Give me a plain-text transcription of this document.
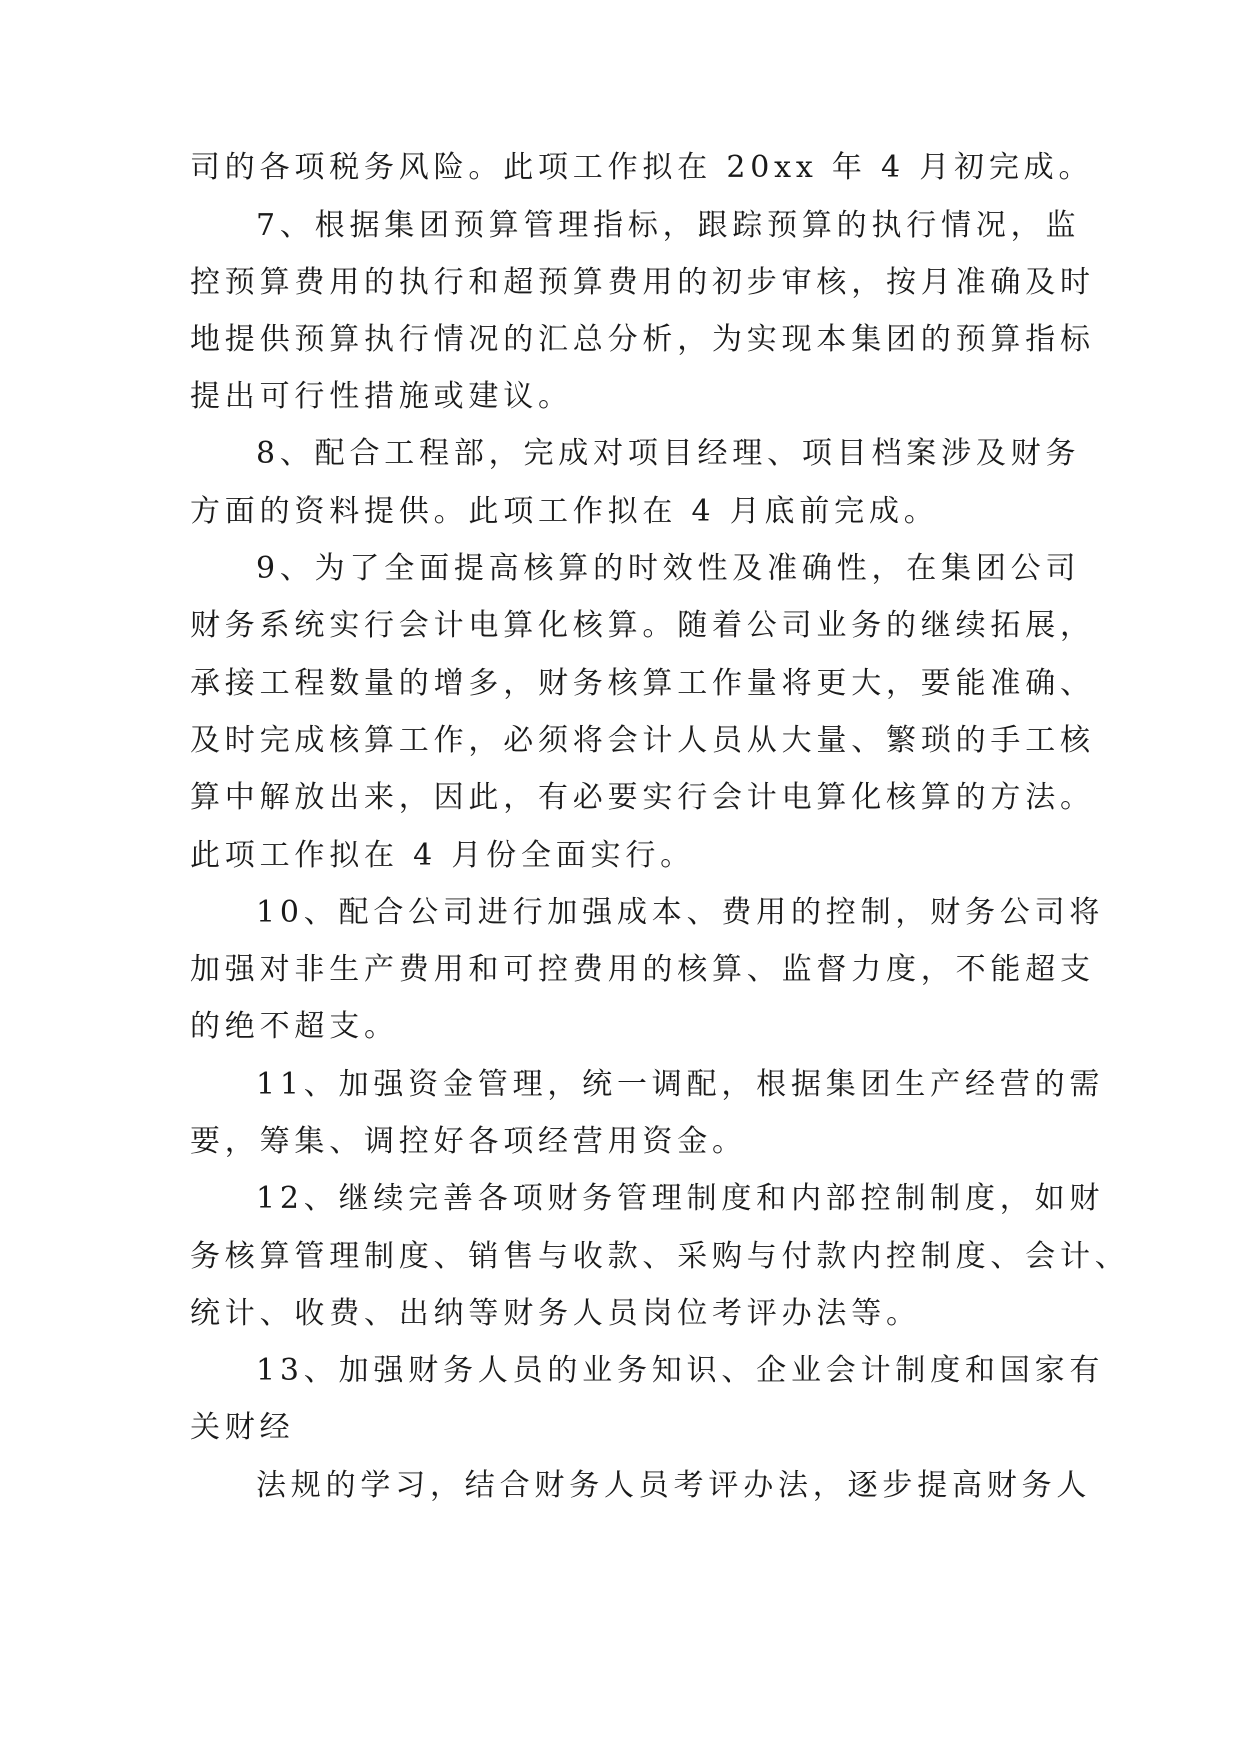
司的各项税务风险。此项工作拟在 20xx 年 4 月初完成。

7、根据集团预算管理指标，跟踪预算的执行情况，监

控预算费用的执行和超预算费用的初步审核，按月准确及时

地提供预算执行情况的汇总分析，为实现本集团的预算指标

提出可行性措施或建议。

8、配合工程部，完成对项目经理、项目档案涉及财务

方面的资料提供。此项工作拟在 4 月底前完成。

9、为了全面提高核算的时效性及准确性，在集团公司

财务系统实行会计电算化核算。随着公司业务的继续拓展，

承接工程数量的增多，财务核算工作量将更大，要能准确、

及时完成核算工作，必须将会计人员从大量、繁琐的手工核

算中解放出来，因此，有必要实行会计电算化核算的方法。

此项工作拟在 4 月份全面实行。

10、配合公司进行加强成本、费用的控制，财务公司将

加强对非生产费用和可控费用的核算、监督力度，不能超支

的绝不超支。

11、加强资金管理，统一调配，根据集团生产经营的需

要，筹集、调控好各项经营用资金。

12、继续完善各项财务管理制度和内部控制制度，如财

务核算管理制度、销售与收款、采购与付款内控制度、会计、

统计、收费、出纳等财务人员岗位考评办法等。

13、加强财务人员的业务知识、企业会计制度和国家有

关财经

法规的学习，结合财务人员考评办法，逐步提高财务人
